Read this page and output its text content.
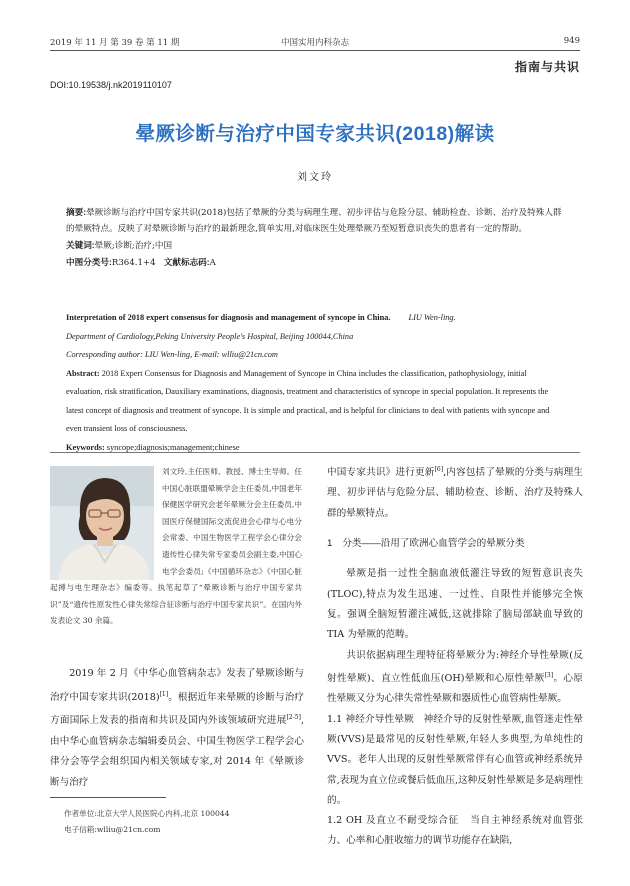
2019 年 11 月 第 39 卷 第 11 期	中国实用内科杂志	949
指南与共识
DOI:10.19538/j.nk2019110107
晕厥诊断与治疗中国专家共识(2018)解读
刘文玲

摘要:晕厥诊断与治疗中国专家共识(2018)包括了晕厥的分类与病理生理、初步评估与危险分层、辅助检查、诊断、治疗及特殊人群的晕厥特点。反映了对晕厥诊断与治疗的最新理念,简单实用,对临床医生处理晕厥乃至短暂意识丧失的患者有一定的帮助。

关键词:晕厥;诊断;治疗;中国

中图分类号:R364.1+4 文献标志码:A

Interpretation of 2018 expert consensus for diagnosis and management of syncope in China. LIU Wen-ling.

Department of Cardiology,Peking University People's Hospital, Beijing 100044,China

Corresponding author: LIU Wen-ling, E-mail: wlliu@21cn.com

Abstract: 2018 Expert Consensus for Diagnosis and Management of Syncope in China includes the classification, pathophysiology, initial evaluation, risk stratification, Dauxiliary examinations, diagnosis, treatment and characteristics of syncope in special population. It represents the latest concept of diagnosis and treatment of syncope. It is simple and practical, and is helpful for clinicians to deal with patients with syncope and even transient loss of consciousness.

Keywords: syncope;diagnosis;management;chinese

刘文玲,主任医师、教授、博士生导师。任中国心脏联盟晕厥学会主任委员,中国老年保健医学研究会老年晕厥分会主任委员,中国医疗保健国际交流促进会心律与心电分会常委、中国生物医学工程学会心律分会遗传性心律失常专家委员会副主委,中国心电学会委员;《中国循环杂志》《中国心脏起搏与电生理杂志》编委等。执笔起草了“晕厥诊断与治疗中国专家共识”及“遗传性原发性心律失常综合征诊断与治疗中国专家共识”。在国内外发表论文 30 余篇。
2019 年 2 月《中华心血管病杂志》发表了晕厥诊断与治疗中国专家共识(2018)[1]。根据近年来晕厥的诊断与治疗方面国际上发表的指南和共识及国内外该领域研究进展[2-5],由中华心血管病杂志编辑委员会、中国生物医学工程学会心律分会等学会组织国内相关领域专家,对 2014 年《晕厥诊断与治疗
作者单位:北京大学人民医院心内科,北京 100044
电子信箱:wlliu@21cn.com

中国专家共识》进行更新[6],内容包括了晕厥的分类与病理生理、初步评估与危险分层、辅助检查、诊断、治疗及特殊人群的晕厥特点。

1 分类——沿用了欧洲心血管学会的晕厥分类

晕厥是指一过性全脑血液低灌注导致的短暂意识丧失(TLOC),特点为发生迅速、一过性、自限性并能够完全恢复。强调全脑短暂灌注减低,这就排除了脑局部缺血导致的TIA 为晕厥的范畴。

共识依据病理生理特征将晕厥分为:神经介导性晕厥(反射性晕厥)、直立性低血压(OH)晕厥和心原性晕厥[3]。心原性晕厥又分为心律失常性晕厥和器质性心血管病性晕厥。

1.1 神经介导性晕厥 神经介导的反射性晕厥,血管迷走性晕厥(VVS)是最常见的反射性晕厥,年轻人多典型,为单纯性的 VVS。老年人出现的反射性晕厥常伴有心血管或神经系统异常,表现为直立位或餐后低血压,这种反射性晕厥是多是病理性的。

1.2 OH 及直立不耐受综合征 当自主神经系统对血管张力、心率和心脏收缩力的调节功能存在缺陷,
